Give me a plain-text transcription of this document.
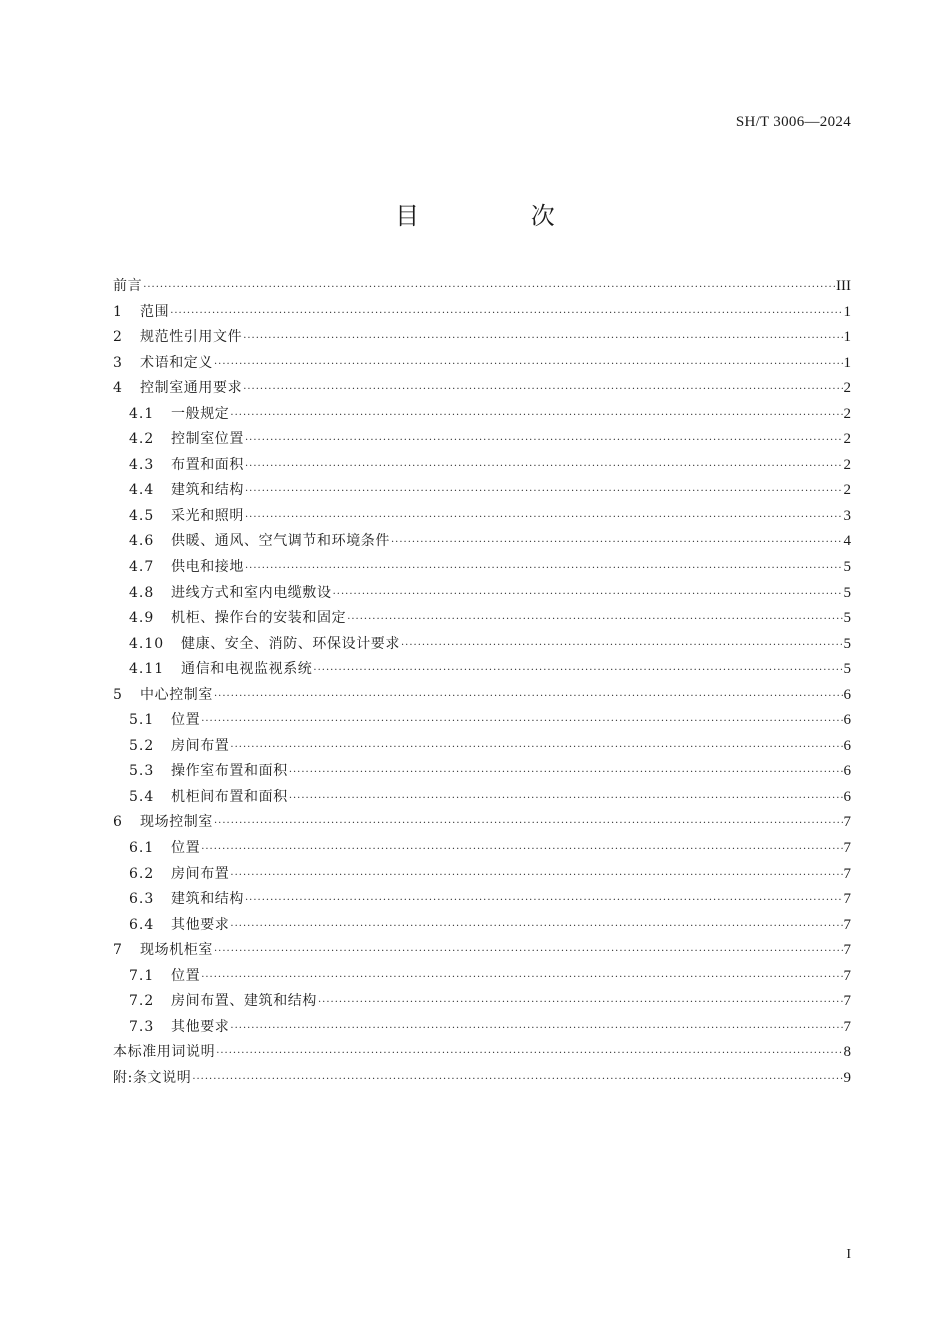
SH/T 3006—2024
目 次
前言 ·····	III
1	范围 ·····	1
2	规范性引用文件 ·····	1
3	术语和定义 ·····	1
4	控制室通用要求 ·····	2
4.1	一般规定 ·····	2
4.2	控制室位置 ·····	2
4.3	布置和面积 ·····	2
4.4	建筑和结构 ·····	2
4.5	采光和照明 ·····	3
4.6	供暖、通风、空气调节和环境条件 ·····	4
4.7	供电和接地 ·····	5
4.8	进线方式和室内电缆敷设 ·····	5
4.9	机柜、操作台的安装和固定 ·····	5
4.10	健康、安全、消防、环保设计要求 ·····	5
4.11	通信和电视监视系统 ·····	5
5	中心控制室 ·····	6
5.1	位置 ·····	6
5.2	房间布置 ·····	6
5.3	操作室布置和面积 ·····	6
5.4	机柜间布置和面积 ·····	6
6	现场控制室 ·····	7
6.1	位置 ·····	7
6.2	房间布置 ·····	7
6.3	建筑和结构 ·····	7
6.4	其他要求 ·····	7
7	现场机柜室 ·····	7
7.1	位置 ·····	7
7.2	房间布置、建筑和结构 ·····	7
7.3	其他要求 ·····	7
本标准用词说明 ·····	8
附:条文说明 ·····	9
I
